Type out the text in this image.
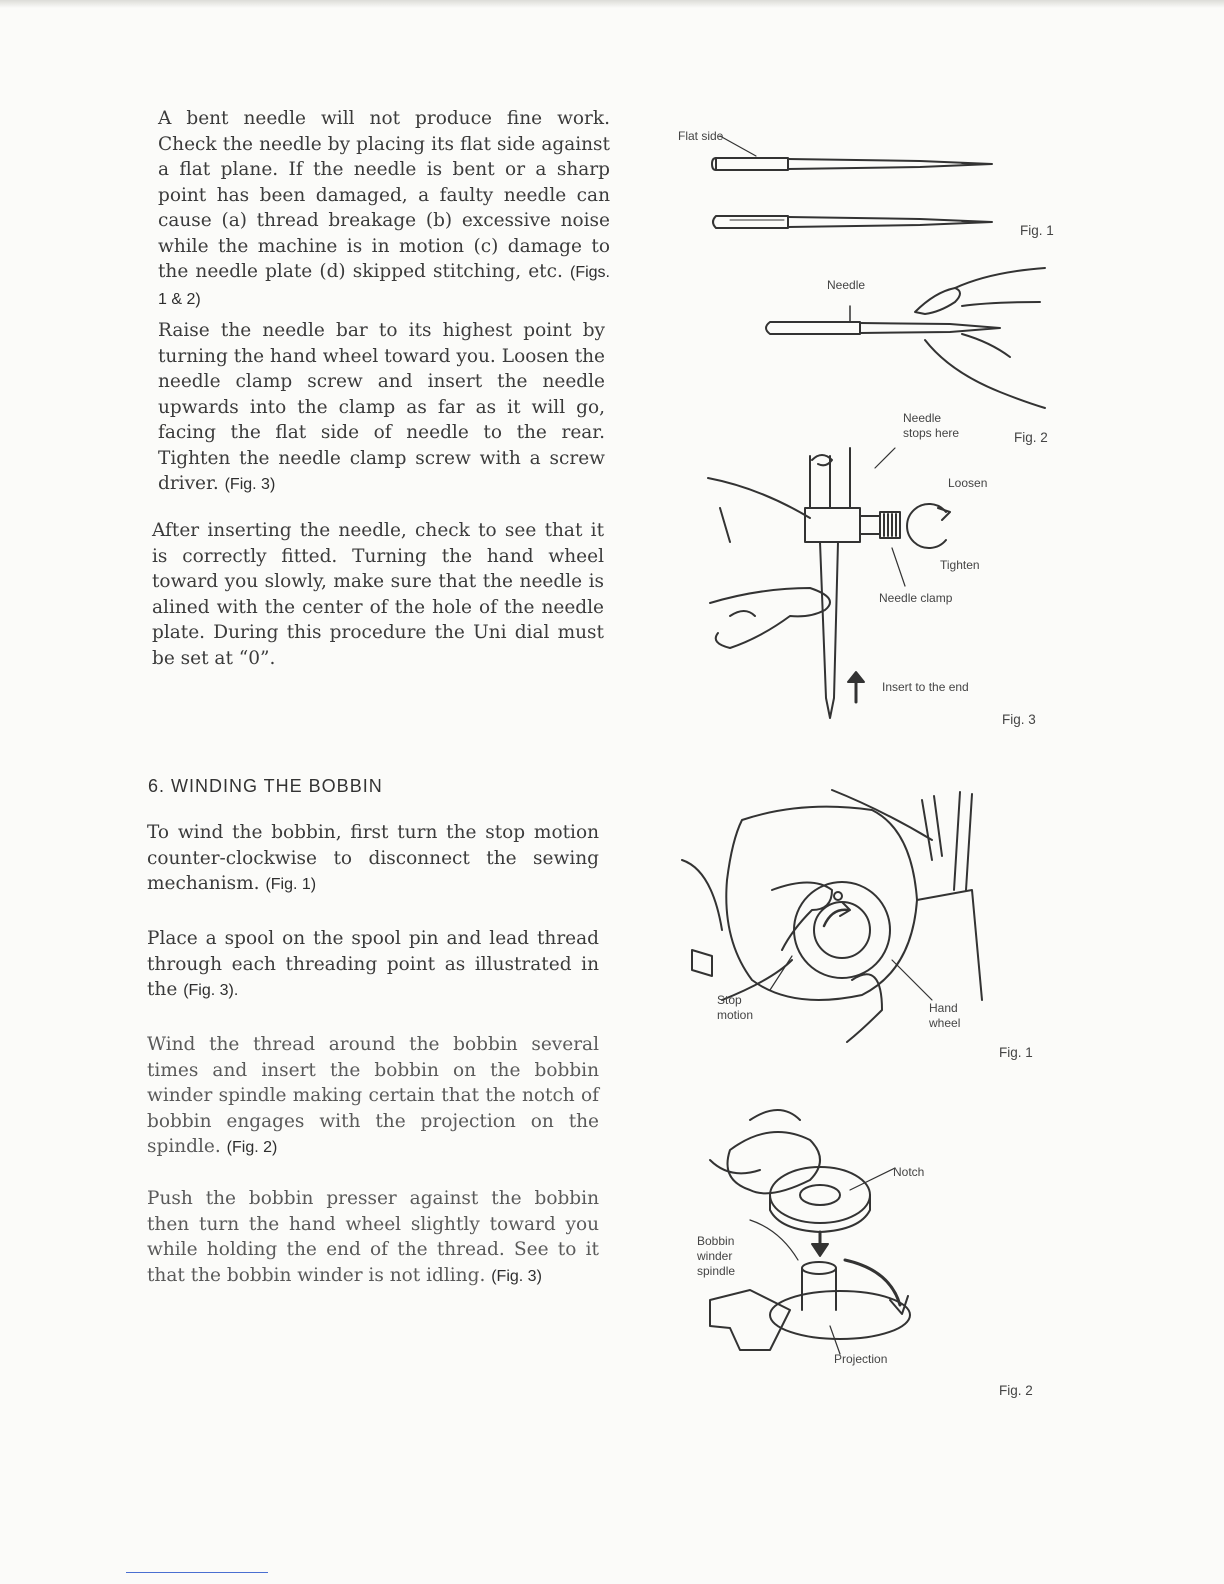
A bent needle will not produce fine work. Check the needle by placing its flat side against a flat plane. If the needle is bent or a sharp point has been damaged, a faulty needle can cause (a) thread breakage (b) excessive noise while the machine is in motion (c) damage to the needle plate (d) skipped stitching, etc. (Figs. 1 & 2)

Raise the needle bar to its highest point by turning the hand wheel toward you. Loosen the needle clamp screw and insert the needle upwards into the clamp as far as it will go, facing the flat side of needle to the rear. Tighten the needle clamp screw with a screw driver. (Fig. 3)

After inserting the needle, check to see that it is correctly fitted. Turning the hand wheel toward you slowly, make sure that the needle is alined with the center of the hole of the needle plate. During this procedure the Uni dial must be set at “0”.

6. WINDING THE BOBBIN

To wind the bobbin, first turn the stop motion counter-clockwise to disconnect the sewing mechanism. (Fig. 1)

Place a spool on the spool pin and lead thread through each threading point as illustrated in the (Fig. 3).

Wind the thread around the bobbin several times and insert the bobbin on the bobbin winder spindle making certain that the notch of bobbin engages with the projection on the spindle. (Fig. 2)

Push the bobbin presser against the bobbin then turn the hand wheel slightly toward you while holding the end of the thread. See to it that the bobbin winder is not idling. (Fig. 3)

Flat side
Fig. 1
Needle
Fig. 2
Needle stops here
Loosen
Tighten
Needle clamp
Insert to the end
Fig. 3
Stop motion	Hand wheel
Fig. 1
Notch
Bobbin winder spindle
Projection
Fig. 2
